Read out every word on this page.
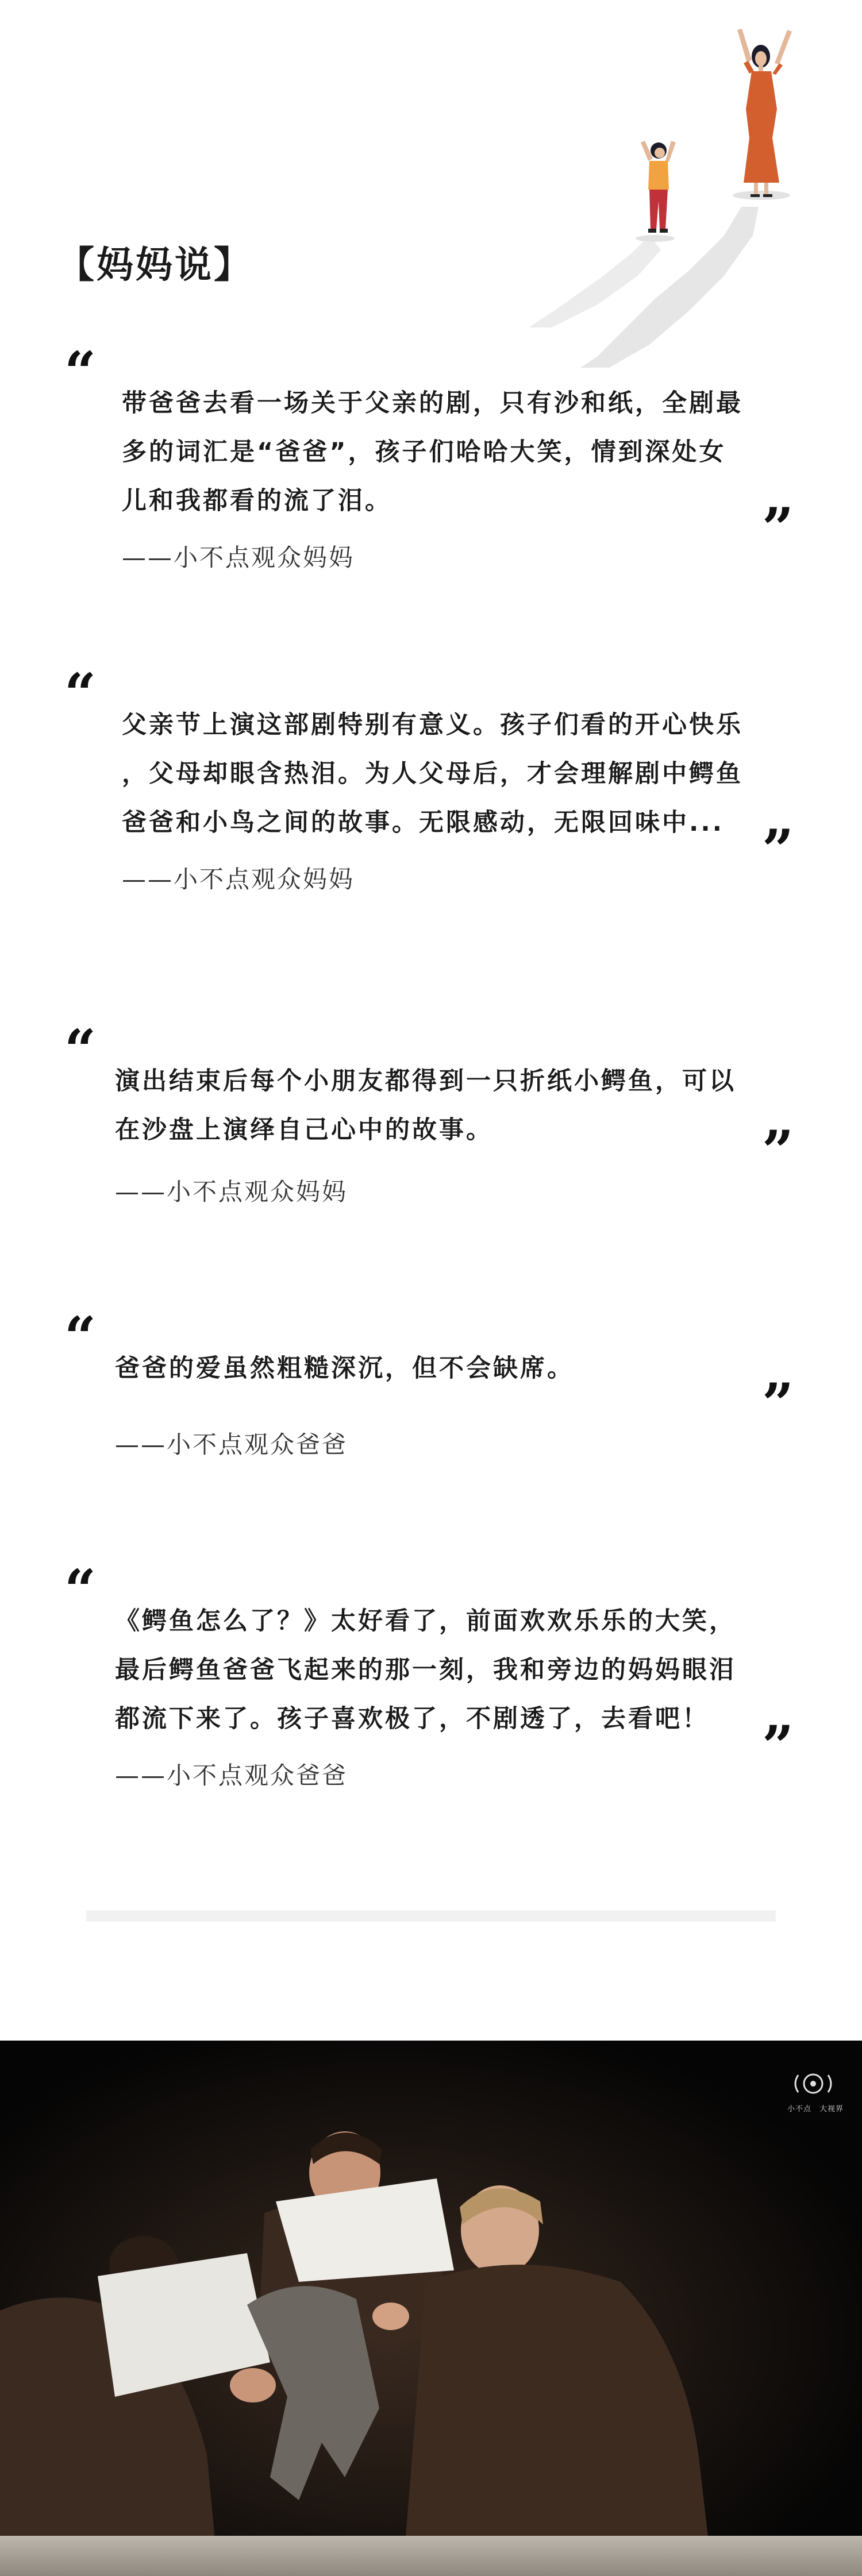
【妈妈说】
“ 带爸爸去看一场关于父亲的剧，只有沙和纸，全剧最
多的词汇是“爸爸”，孩子们哈哈大笑，情到深处女
儿和我都看的流了泪。	”
——小不点观众妈妈
“ 父亲节上演这部剧特别有意义。孩子们看的开心快乐
，父母却眼含热泪。为人父母后，才会理解剧中鳄鱼
爸爸和小鸟之间的故事。无限感动，无限回味中... ”
——小不点观众妈妈
“ 演出结束后每个小朋友都得到一只折纸小鳄鱼，可以
在沙盘上演绎自己心中的故事。	”
——小不点观众妈妈
“ 爸爸的爱虽然粗糙深沉，但不会缺席。
”
——小不点观众爸爸
“ 《鳄鱼怎么了？》太好看了，前面欢欢乐乐的大笑，
最后鳄鱼爸爸飞起来的那一刻，我和旁边的妈妈眼泪
都流下来了。孩子喜欢极了，不剧透了，去看吧！ ”
——小不点观众爸爸
小不点　大视界
